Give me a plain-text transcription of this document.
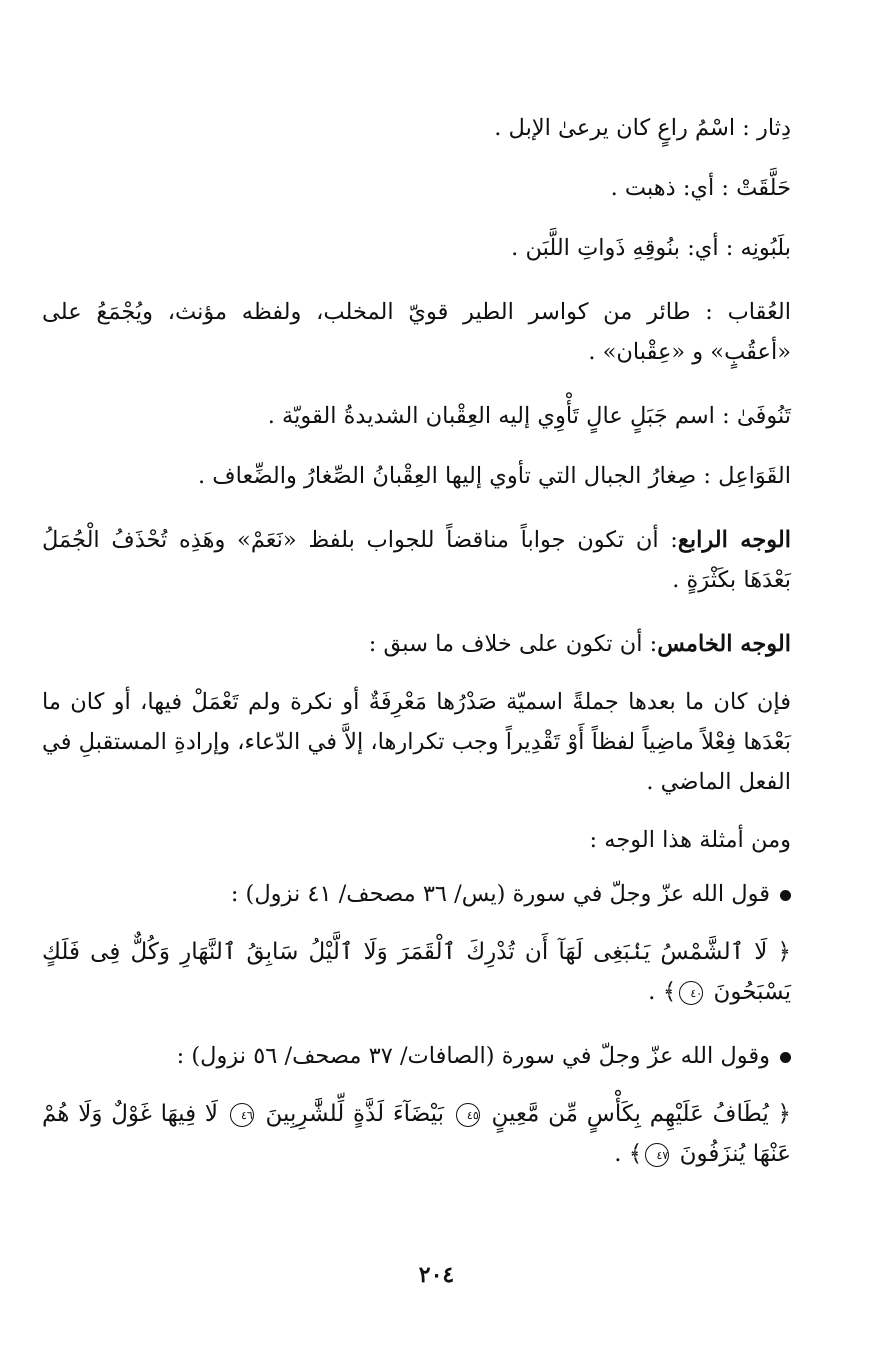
دِثار : اسْمُ راعٍ كان يرعىٰ الإبل .

حَلَّقَتْ : أي: ذهبت .

بلَبُونِه : أي: بنُوقِهِ ذَواتِ اللَّبَن .

العُقاب : طائر من كواسر الطير قويّ المخلب، ولفظه مؤنث، ويُجْمَعُ على «أعقُبٍ» و «عِقْبان» .

تَنُوفَىٰ : اسم جَبَلٍ عالٍ تَأْوِي إليه العِقْبان الشديدةُ القويّة .

القَوَاعِل : صِغارُ الجبال التي تأوي إليها العِقْبانُ الصِّغارُ والضِّعاف .

الوجه الرابع: أن تكون جواباً مناقضاً للجواب بلفظ «نَعَمْ» وهَذِه تُحْذَفُ الْجُمَلُ بَعْدَهَا بكَثْرَةٍ .

الوجه الخامس: أن تكون على خلاف ما سبق :

فإن كان ما بعدها جملةً اسميّة صَدْرُها مَعْرِفَةٌ أو نكرة ولم تَعْمَلْ فيها، أو كان ما بَعْدَها فِعْلاً ماضِياً لفظاً أَوْ تَقْدِيراً وجب تكرارها، إلاَّ في الدّعاء، وإرادةِ المستقبلِ في الفعل الماضي .

ومن أمثلة هذا الوجه :

قول الله عزّ وجلّ في سورة (يس/ ٣٦ مصحف/ ٤١ نزول) :

﴿ لَا ٱلشَّمْسُ يَنۢبَغِى لَهَآ أَن تُدْرِكَ ٱلْقَمَرَ وَلَا ٱلَّيْلُ سَابِقُ ٱلنَّهَارِ وَكُلٌّ فِى فَلَكٍ يَسْبَحُونَ ٤٠﴾ .

وقول الله عزّ وجلّ في سورة (الصافات/ ٣٧ مصحف/ ٥٦ نزول) :

﴿ يُطَافُ عَلَيْهِم بِكَأْسٍ مِّن مَّعِينٍ ٤٥ بَيْضَآءَ لَذَّةٍ لِّلشَّٰرِبِينَ ٤٦ لَا فِيهَا غَوْلٌ وَلَا هُمْ عَنْهَا يُنزَفُونَ ٤٧﴾ .

٢٠٤
